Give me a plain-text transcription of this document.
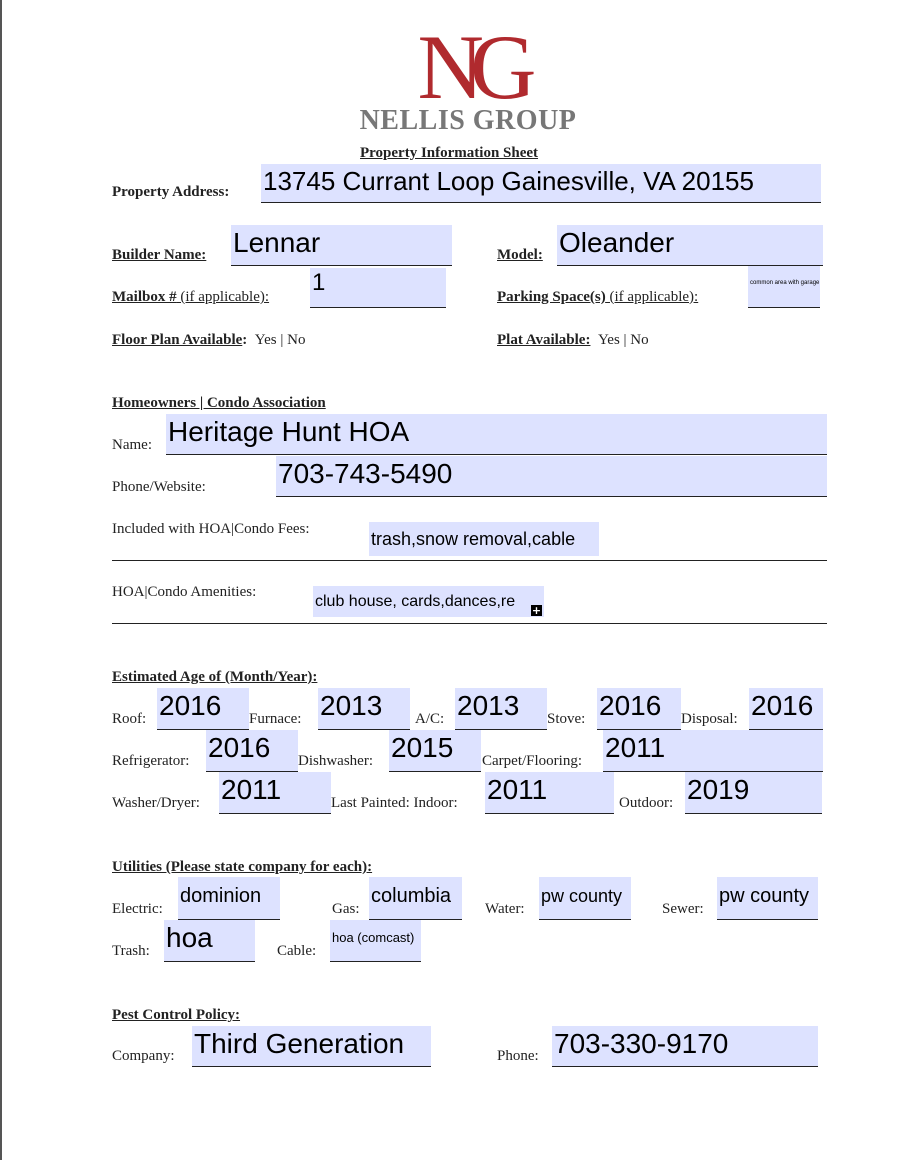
NG
NELLIS GROUP
Property Information Sheet
Property Address: 13745 Currant Loop Gainesville, VA 20155
Builder Name: Lennar	Model: Oleander
Mailbox # (if applicable):
1
Parking Space(s) (if applicable):
common area with garage
Floor Plan Available: Yes | No	Plat Available: Yes | No
Homeowners | Condo Association
Name: Heritage Hunt HOA
Phone/Website:	703-743-5490
Included with HOA|Condo Fees:	trash,snow removal,cable
HOA|Condo Amenities:
club house, cards,dances,re
+
Estimated Age of (Month/Year):
Roof: 2016	Furnace: 2013	A/C: 2013	Stove: 2016	Disposal: 2016
Refrigerator: 2016	Dishwasher: 2015	Carpet/Flooring: 2011
Washer/Dryer: 2011	Last Painted: Indoor: 2011	Outdoor: 2019
Utilities (Please state company for each):
Electric:
dominion
Gas:
columbia
Water:
pw county
Sewer:
pw county
Trash: hoa	Cable:
hoa (comcast)
Pest Control Policy:
Company: Third Generation	Phone: 703-330-9170
